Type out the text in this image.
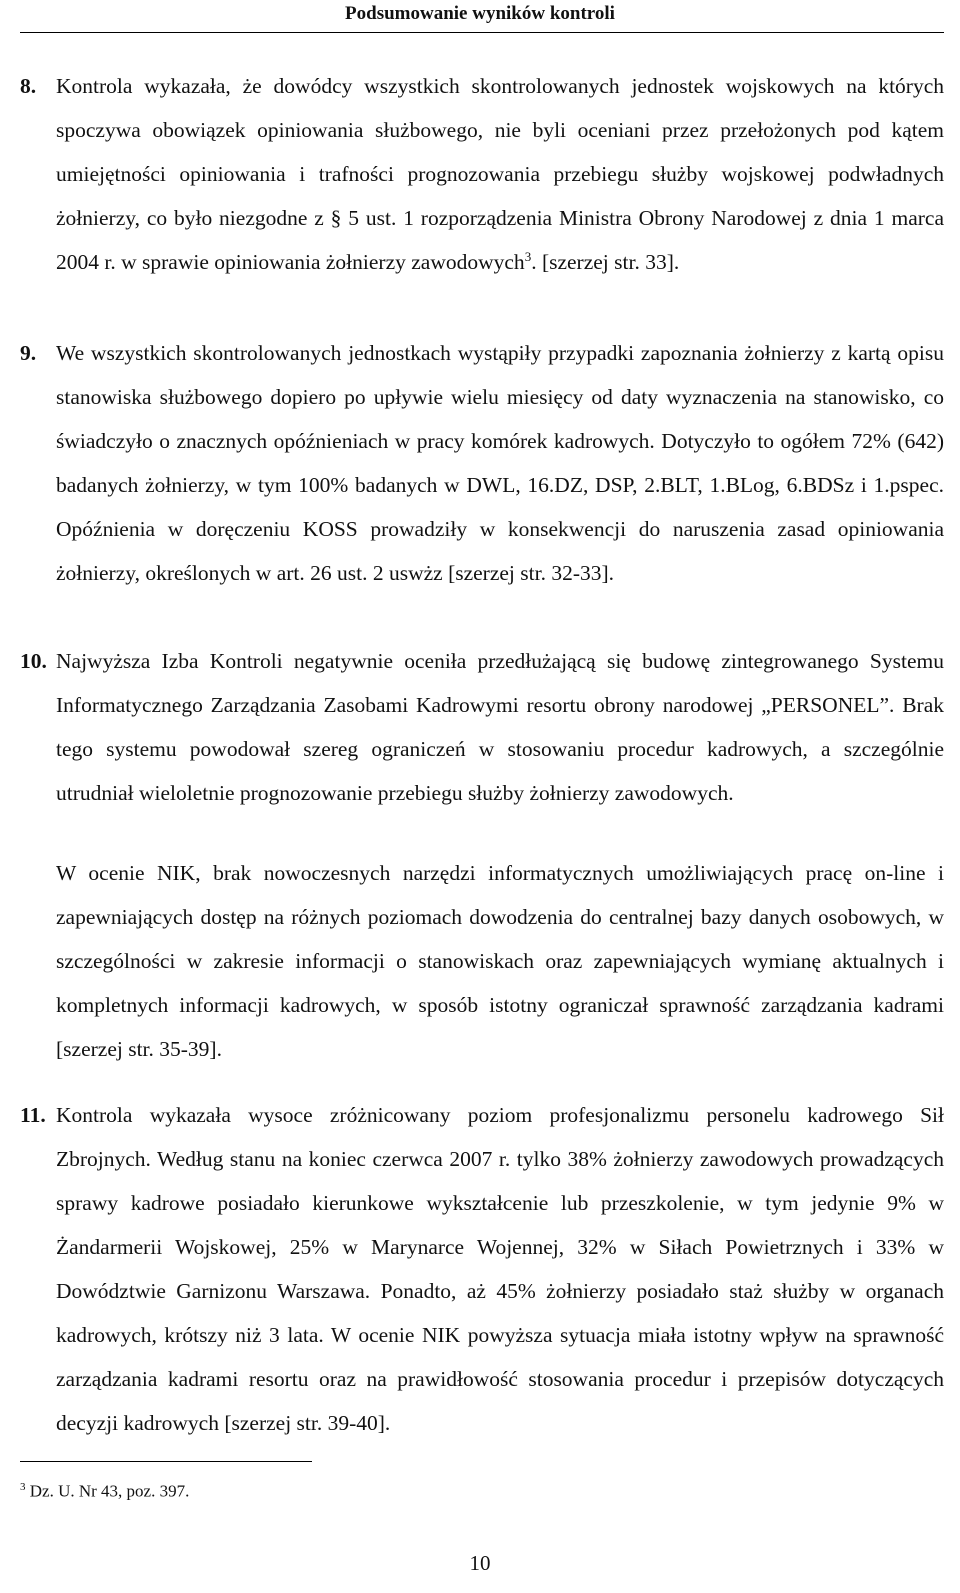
Podsumowanie wyników kontroli
8. Kontrola wykazała, że dowódcy wszystkich skontrolowanych jednostek wojskowych na których spoczywa obowiązek opiniowania służbowego, nie byli oceniani przez przełożonych pod kątem umiejętności opiniowania i trafności prognozowania przebiegu służby wojskowej podwładnych żołnierzy, co było niezgodne z § 5 ust. 1 rozporządzenia Ministra Obrony Narodowej z dnia 1 marca 2004 r. w sprawie opiniowania żołnierzy zawodowych$^3$. [szerzej str. 33].
9. We wszystkich skontrolowanych jednostkach wystąpiły przypadki zapoznania żołnierzy z kartą opisu stanowiska służbowego dopiero po upływie wielu miesięcy od daty wyznaczenia na stanowisko, co świadczyło o znacznych opóźnieniach w pracy komórek kadrowych. Dotyczyło to ogółem 72% (642) badanych żołnierzy, w tym 100% badanych w DWL, 16.DZ, DSP, 2.BLT, 1.BLog, 6.BDSz i 1.pspec. Opóźnienia w doręczeniu KOSS prowadziły w konsekwencji do naruszenia zasad opiniowania żołnierzy, określonych w art. 26 ust. 2 uswżz [szerzej str. 32-33].
10. Najwyższa Izba Kontroli negatywnie oceniła przedłużającą się budowę zintegrowanego Systemu Informatycznego Zarządzania Zasobami Kadrowymi resortu obrony narodowej „PERSONEL”. Brak tego systemu powodował szereg ograniczeń w stosowaniu procedur kadrowych, a szczególnie utrudniał wieloletnie prognozowanie przebiegu służby żołnierzy zawodowych.
W ocenie NIK, brak nowoczesnych narzędzi informatycznych umożliwiających pracę on-line i zapewniających dostęp na różnych poziomach dowodzenia do centralnej bazy danych osobowych, w szczególności w zakresie informacji o stanowiskach oraz zapewniających wymianę aktualnych i kompletnych informacji kadrowych, w sposób istotny ograniczał sprawność zarządzania kadrami [szerzej str. 35-39].
11. Kontrola wykazała wysoce zróżnicowany poziom profesjonalizmu personelu kadrowego Sił Zbrojnych. Według stanu na koniec czerwca 2007 r. tylko 38% żołnierzy zawodowych prowadzących sprawy kadrowe posiadało kierunkowe wykształcenie lub przeszkolenie, w tym jedynie 9% w Żandarmerii Wojskowej, 25% w Marynarce Wojennej, 32% w Siłach Powietrznych i 33% w Dowództwie Garnizonu Warszawa. Ponadto, aż 45% żołnierzy posiadało staż służby w organach kadrowych, krótszy niż 3 lata. W ocenie NIK powyższa sytuacja miała istotny wpływ na sprawność zarządzania kadrami resortu oraz na prawidłowość stosowania procedur i przepisów dotyczących decyzji kadrowych [szerzej str. 39-40].
$^3$ Dz. U. Nr 43, poz. 397.
10
